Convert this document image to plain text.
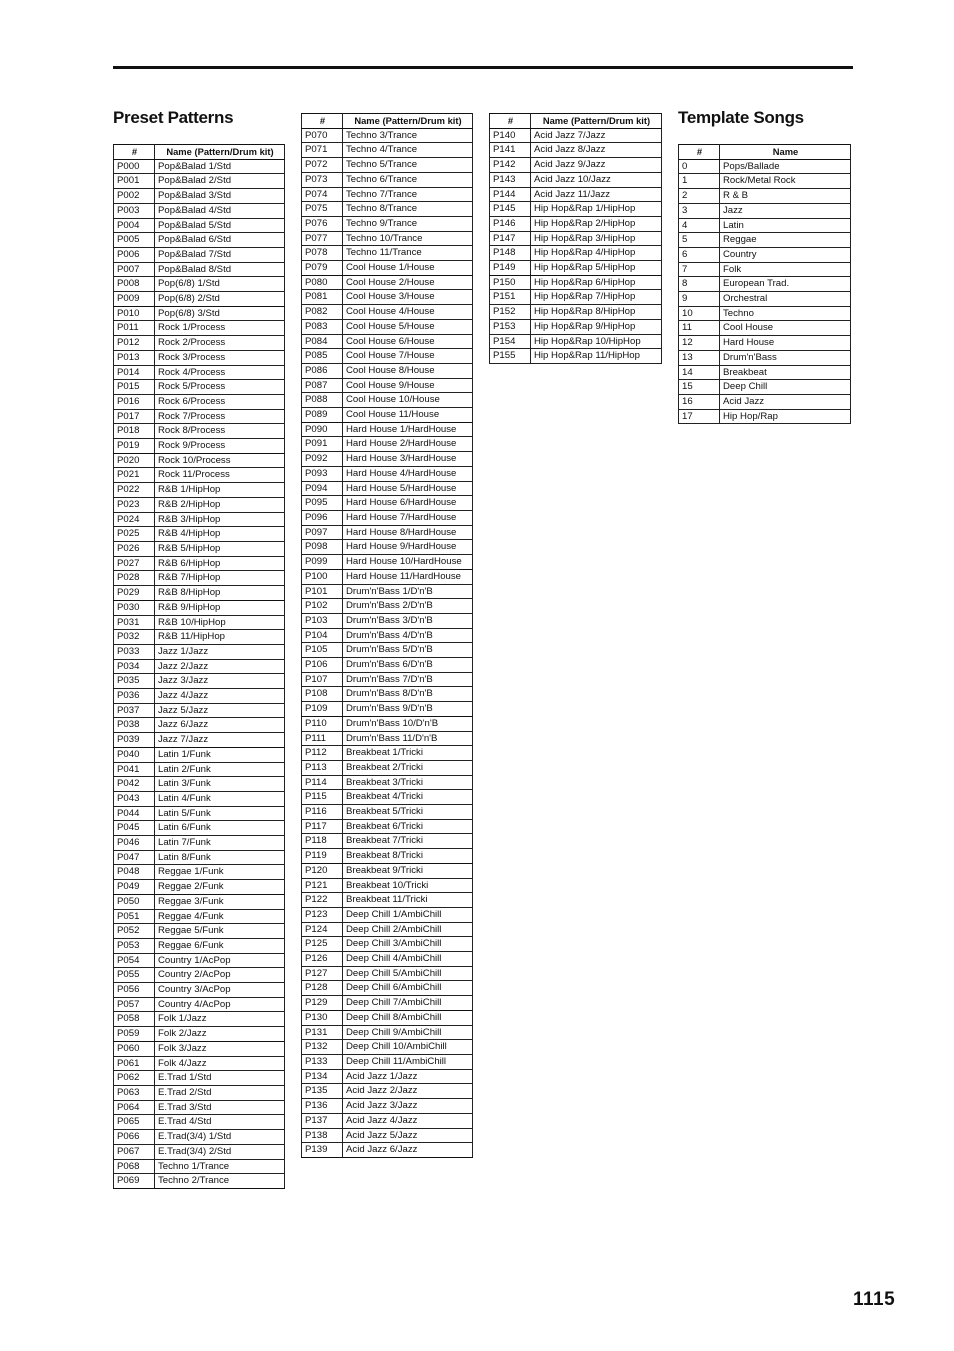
Preset Patterns	Template Songs
#	Name (Pattern/Drum kit)
P000	Pop&Balad 1/Std
P001	Pop&Balad 2/Std
P002	Pop&Balad 3/Std
P003	Pop&Balad 4/Std
P004	Pop&Balad 5/Std
P005	Pop&Balad 6/Std
P006	Pop&Balad 7/Std
P007	Pop&Balad 8/Std
P008	Pop(6/8) 1/Std
P009	Pop(6/8) 2/Std
P010	Pop(6/8) 3/Std
P011	Rock 1/Process
P012	Rock 2/Process
P013	Rock 3/Process
P014	Rock 4/Process
P015	Rock 5/Process
P016	Rock 6/Process
P017	Rock 7/Process
P018	Rock 8/Process
P019	Rock 9/Process
P020	Rock 10/Process
P021	Rock 11/Process
P022	R&B 1/HipHop
P023	R&B 2/HipHop
P024	R&B 3/HipHop
P025	R&B 4/HipHop
P026	R&B 5/HipHop
P027	R&B 6/HipHop
P028	R&B 7/HipHop
P029	R&B 8/HipHop
P030	R&B 9/HipHop
P031	R&B 10/HipHop
P032	R&B 11/HipHop
P033	Jazz 1/Jazz
P034	Jazz 2/Jazz
P035	Jazz 3/Jazz
P036	Jazz 4/Jazz
P037	Jazz 5/Jazz
P038	Jazz 6/Jazz
P039	Jazz 7/Jazz
P040	Latin 1/Funk
P041	Latin 2/Funk
P042	Latin 3/Funk
P043	Latin 4/Funk
P044	Latin 5/Funk
P045	Latin 6/Funk
P046	Latin 7/Funk
P047	Latin 8/Funk
P048	Reggae 1/Funk
P049	Reggae 2/Funk
P050	Reggae 3/Funk
P051	Reggae 4/Funk
P052	Reggae 5/Funk
P053	Reggae 6/Funk
P054	Country 1/AcPop
P055	Country 2/AcPop
P056	Country 3/AcPop
P057	Country 4/AcPop
P058	Folk 1/Jazz
P059	Folk 2/Jazz
P060	Folk 3/Jazz
P061	Folk 4/Jazz
P062	E.Trad 1/Std
P063	E.Trad 2/Std
P064	E.Trad 3/Std
P065	E.Trad 4/Std
P066	E.Trad(3/4) 1/Std
P067	E.Trad(3/4) 2/Std
P068	Techno 1/Trance
P069	Techno 2/Trance
#	Name (Pattern/Drum kit)
P070	Techno 3/Trance
P071	Techno 4/Trance
P072	Techno 5/Trance
P073	Techno 6/Trance
P074	Techno 7/Trance
P075	Techno 8/Trance
P076	Techno 9/Trance
P077	Techno 10/Trance
P078	Techno 11/Trance
P079	Cool House 1/House
P080	Cool House 2/House
P081	Cool House 3/House
P082	Cool House 4/House
P083	Cool House 5/House
P084	Cool House 6/House
P085	Cool House 7/House
P086	Cool House 8/House
P087	Cool House 9/House
P088	Cool House 10/House
P089	Cool House 11/House
P090	Hard House 1/HardHouse
P091	Hard House 2/HardHouse
P092	Hard House 3/HardHouse
P093	Hard House 4/HardHouse
P094	Hard House 5/HardHouse
P095	Hard House 6/HardHouse
P096	Hard House 7/HardHouse
P097	Hard House 8/HardHouse
P098	Hard House 9/HardHouse
P099	Hard House 10/HardHouse
P100	Hard House 11/HardHouse
P101	Drum'n'Bass 1/D'n'B
P102	Drum'n'Bass 2/D'n'B
P103	Drum'n'Bass 3/D'n'B
P104	Drum'n'Bass 4/D'n'B
P105	Drum'n'Bass 5/D'n'B
P106	Drum'n'Bass 6/D'n'B
P107	Drum'n'Bass 7/D'n'B
P108	Drum'n'Bass 8/D'n'B
P109	Drum'n'Bass 9/D'n'B
P110	Drum'n'Bass 10/D'n'B
P111	Drum'n'Bass 11/D'n'B
P112	Breakbeat 1/Tricki
P113	Breakbeat 2/Tricki
P114	Breakbeat 3/Tricki
P115	Breakbeat 4/Tricki
P116	Breakbeat 5/Tricki
P117	Breakbeat 6/Tricki
P118	Breakbeat 7/Tricki
P119	Breakbeat 8/Tricki
P120	Breakbeat 9/Tricki
P121	Breakbeat 10/Tricki
P122	Breakbeat 11/Tricki
P123	Deep Chill 1/AmbiChill
P124	Deep Chill 2/AmbiChill
P125	Deep Chill 3/AmbiChill
P126	Deep Chill 4/AmbiChill
P127	Deep Chill 5/AmbiChill
P128	Deep Chill 6/AmbiChill
P129	Deep Chill 7/AmbiChill
P130	Deep Chill 8/AmbiChill
P131	Deep Chill 9/AmbiChill
P132	Deep Chill 10/AmbiChill
P133	Deep Chill 11/AmbiChill
P134	Acid Jazz 1/Jazz
P135	Acid Jazz 2/Jazz
P136	Acid Jazz 3/Jazz
P137	Acid Jazz 4/Jazz
P138	Acid Jazz 5/Jazz
P139	Acid Jazz 6/Jazz
#	Name (Pattern/Drum kit)
P140	Acid Jazz 7/Jazz
P141	Acid Jazz 8/Jazz
P142	Acid Jazz 9/Jazz
P143	Acid Jazz 10/Jazz
P144	Acid Jazz 11/Jazz
P145	Hip Hop&Rap 1/HipHop
P146	Hip Hop&Rap 2/HipHop
P147	Hip Hop&Rap 3/HipHop
P148	Hip Hop&Rap 4/HipHop
P149	Hip Hop&Rap 5/HipHop
P150	Hip Hop&Rap 6/HipHop
P151	Hip Hop&Rap 7/HipHop
P152	Hip Hop&Rap 8/HipHop
P153	Hip Hop&Rap 9/HipHop
P154	Hip Hop&Rap 10/HipHop
P155	Hip Hop&Rap 11/HipHop
#	Name
0	Pops/Ballade
1	Rock/Metal Rock
2	R & B
3	Jazz
4	Latin
5	Reggae
6	Country
7	Folk
8	European Trad.
9	Orchestral
10	Techno
11	Cool House
12	Hard House
13	Drum'n'Bass
14	Breakbeat
15	Deep Chill
16	Acid Jazz
17	Hip Hop/Rap
1115
